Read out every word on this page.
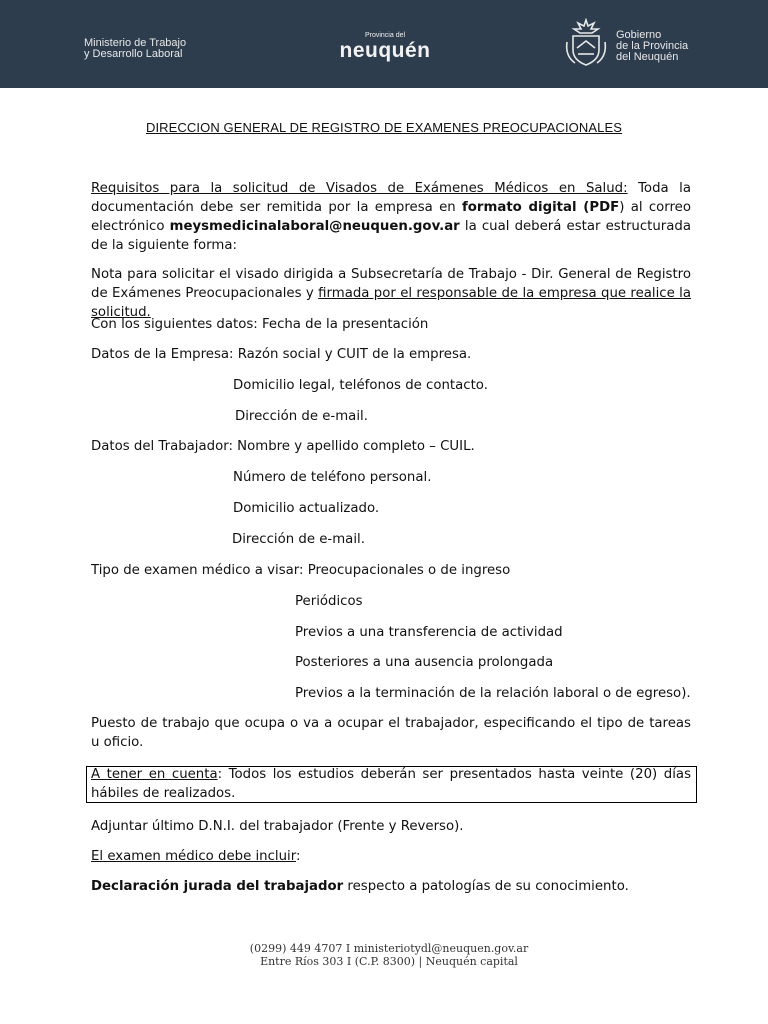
Ministerio de Trabajo
y Desarrollo Laboral
Provincia del
neuquén
Gobierno
de la Provincia
del Neuquén
DIRECCION GENERAL DE REGISTRO DE EXAMENES PREOCUPACIONALES
Requisitos para la solicitud de Visados de Exámenes Médicos en Salud: Toda la documentación debe ser remitida por la empresa en formato digital (PDF) al correo electrónico meysmedicinalaboral@neuquen.gov.ar la cual deberá estar estructurada de la siguiente forma:
Nota para solicitar el visado dirigida a Subsecretaría de Trabajo - Dir. General de Registro de Exámenes Preocupacionales y firmada por el responsable de la empresa que realice la solicitud.
Con los siguientes datos: Fecha de la presentación
Datos de la Empresa: Razón social y CUIT de la empresa.
Domicilio legal, teléfonos de contacto.
Dirección de e-mail.
Datos del Trabajador: Nombre y apellido completo – CUIL.
Número de teléfono personal.
Domicilio actualizado.
Dirección de e-mail.
Tipo de examen médico a visar: Preocupacionales o de ingreso
Periódicos
Previos a una transferencia de actividad
Posteriores a una ausencia prolongada
Previos a la terminación de la relación laboral o de egreso).
Puesto de trabajo que ocupa o va a ocupar el trabajador, especificando el tipo de tareas u oficio.
A tener en cuenta: Todos los estudios deberán ser presentados hasta veinte (20) días hábiles de realizados.
Adjuntar último D.N.I. del trabajador (Frente y Reverso).
El examen médico debe incluir:
Declaración jurada del trabajador respecto a patologías de su conocimiento.
(0299) 449 4707 I ministeriotydl@neuquen.gov.ar
Entre Ríos 303 I (C.P. 8300) | Neuquén capital
